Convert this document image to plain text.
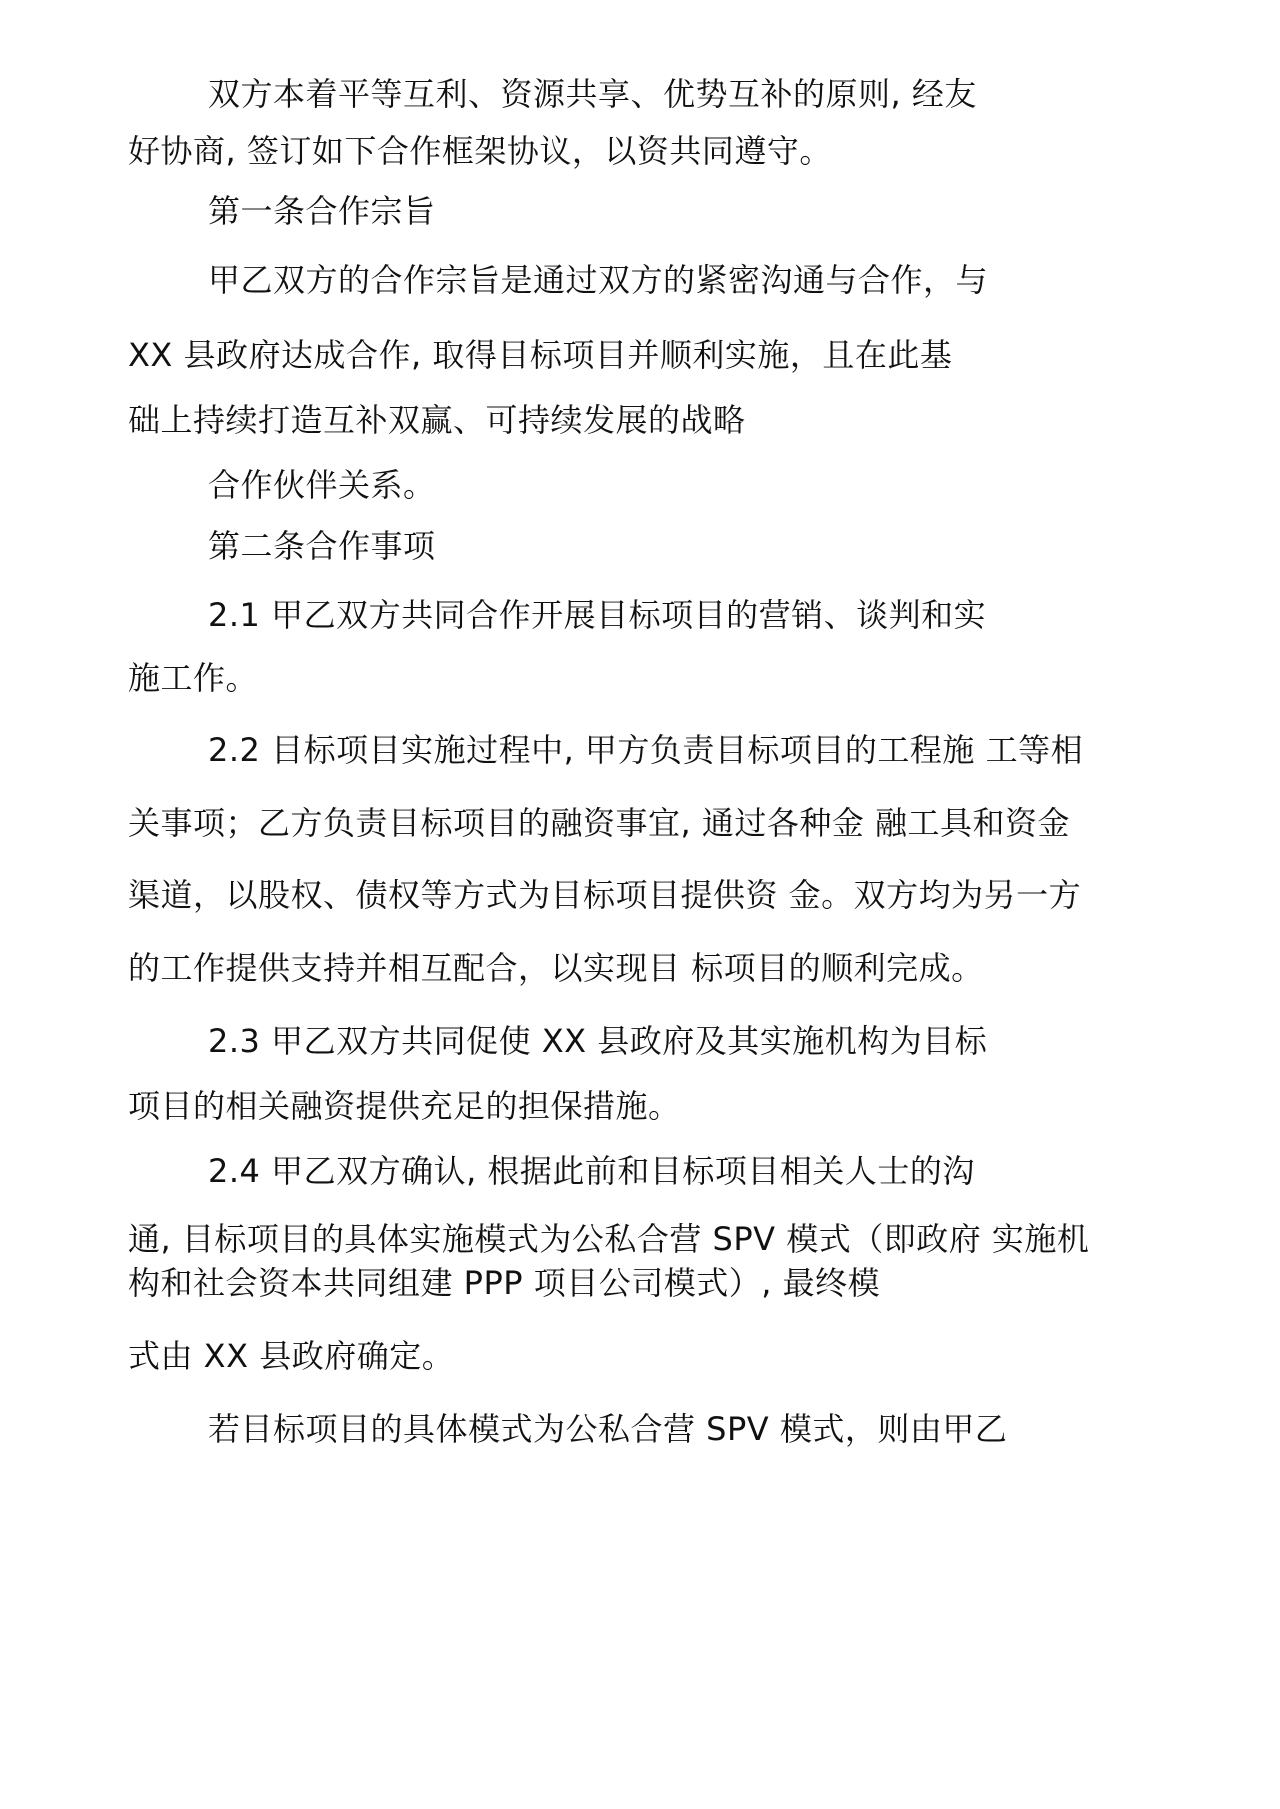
双方本着平等互利、资源共享、优势互补的原则, 经友
好协商, 签订如下合作框架协议，以资共同遵守。
第一条合作宗旨
甲乙双方的合作宗旨是通过双方的紧密沟通与合作，与
XX 县政府达成合作, 取得目标项目并顺利实施，且在此基
础上持续打造互补双赢、可持续发展的战略
合作伙伴关系。
第二条合作事项
2.1 甲乙双方共同合作开展目标项目的营销、谈判和实
施工作。
2.2 目标项目实施过程中, 甲方负责目标项目的工程施 工等相
关事项；乙方负责目标项目的融资事宜, 通过各种金 融工具和资金
渠道，以股权、债权等方式为目标项目提供资 金。双方均为另一方
的工作提供支持并相互配合，以实现目 标项目的顺利完成。
2.3 甲乙双方共同促使 XX 县政府及其实施机构为目标
项目的相关融资提供充足的担保措施。
2.4 甲乙双方确认, 根据此前和目标项目相关人士的沟
通, 目标项目的具体实施模式为公私合营 SPV 模式（即政府 实施机
构和社会资本共同组建 PPP 项目公司模式）, 最终模
式由 XX 县政府确定。
若目标项目的具体模式为公私合营 SPV 模式，则由甲乙
